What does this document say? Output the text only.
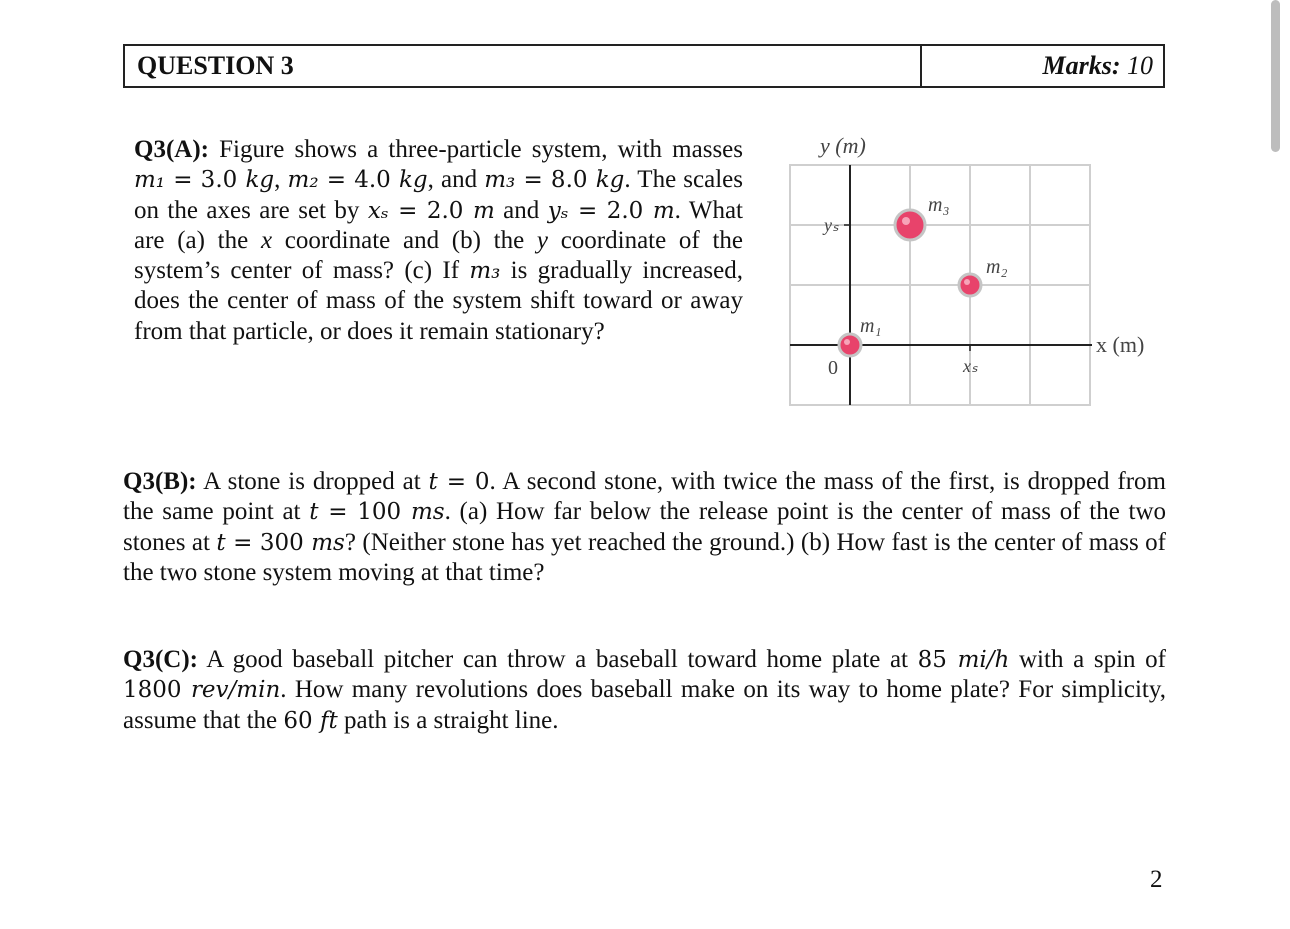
QUESTION 3	Marks:
10
Q3(A): Figure shows a three-particle system, with masses m₁ = 3.0 kg, m₂ = 4.0 kg, and m₃ = 8.0 kg. The scales on the axes are set by xₛ = 2.0 m and yₛ = 2.0 m. What are (a) the x coordinate and (b) the y coordinate of the system’s center of mass? (c) If m₃ is gradually increased, does the center of mass of the system shift toward or away from that particle, or does it remain stationary?
y (m)
x (m)
yₛ
xₛ
0
m₁
m₂
m₃
Q3(B): A stone is dropped at t = 0. A second stone, with twice the mass of the first, is dropped from the same point at t = 100 ms. (a) How far below the release point is the center of mass of the two stones at t = 300 ms? (Neither stone has yet reached the ground.) (b) How fast is the center of mass of the two stone system moving at that time?
Q3(C): A good baseball pitcher can throw a baseball toward home plate at 85 mi/h with a spin of 1800 rev/min. How many revolutions does baseball make on its way to home plate? For simplicity, assume that the 60 ft path is a straight line.
2
